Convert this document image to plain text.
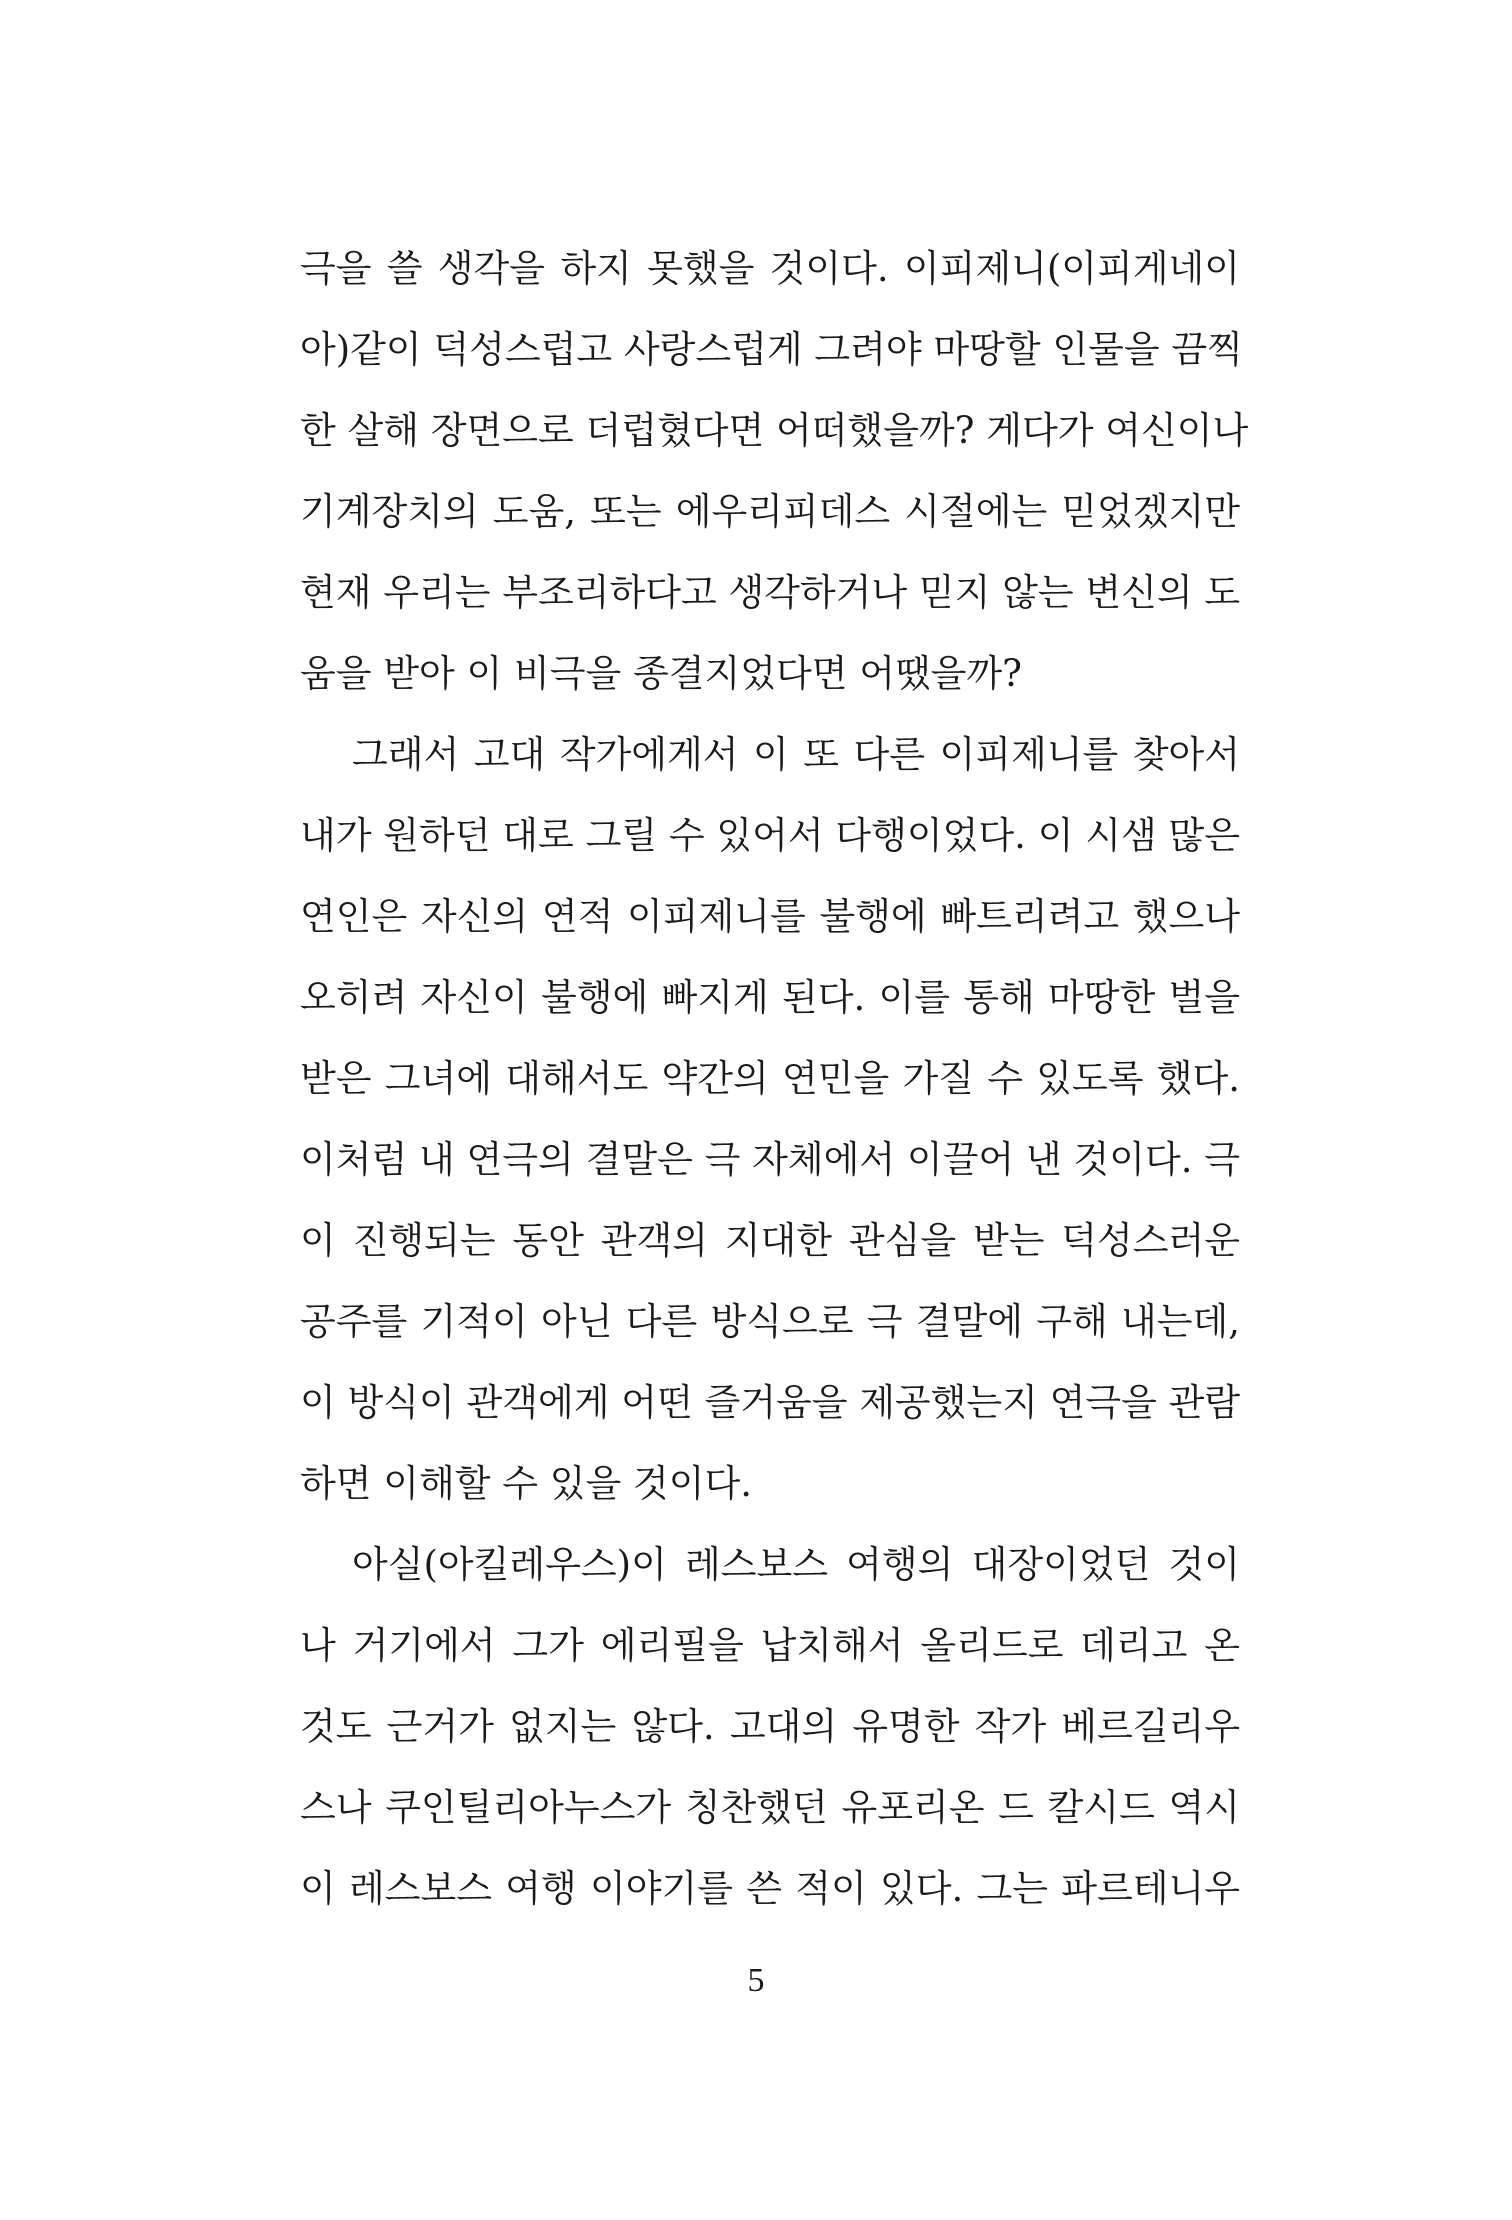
극을 쓸 생각을 하지 못했을 것이다. 이피제니(이피게네이
아)같이 덕성스럽고 사랑스럽게 그려야 마땅할 인물을 끔찍
한 살해 장면으로 더럽혔다면 어떠했을까? 게다가 여신이나
기계장치의 도움, 또는 에우리피데스 시절에는 믿었겠지만
현재 우리는 부조리하다고 생각하거나 믿지 않는 변신의 도
움을 받아 이 비극을 종결지었다면 어땠을까?
그래서 고대 작가에게서 이 또 다른 이피제니를 찾아서
내가 원하던 대로 그릴 수 있어서 다행이었다. 이 시샘 많은
연인은 자신의 연적 이피제니를 불행에 빠트리려고 했으나
오히려 자신이 불행에 빠지게 된다. 이를 통해 마땅한 벌을
받은 그녀에 대해서도 약간의 연민을 가질 수 있도록 했다.
이처럼 내 연극의 결말은 극 자체에서 이끌어 낸 것이다. 극
이 진행되는 동안 관객의 지대한 관심을 받는 덕성스러운
공주를 기적이 아닌 다른 방식으로 극 결말에 구해 내는데,
이 방식이 관객에게 어떤 즐거움을 제공했는지 연극을 관람
하면 이해할 수 있을 것이다.
아실(아킬레우스)이 레스보스 여행의 대장이었던 것이
나 거기에서 그가 에리필을 납치해서 올리드로 데리고 온
것도 근거가 없지는 않다. 고대의 유명한 작가 베르길리우
스나 쿠인틸리아누스가 칭찬했던 유포리온 드 칼시드 역시
이 레스보스 여행 이야기를 쓴 적이 있다. 그는 파르테니우
5
